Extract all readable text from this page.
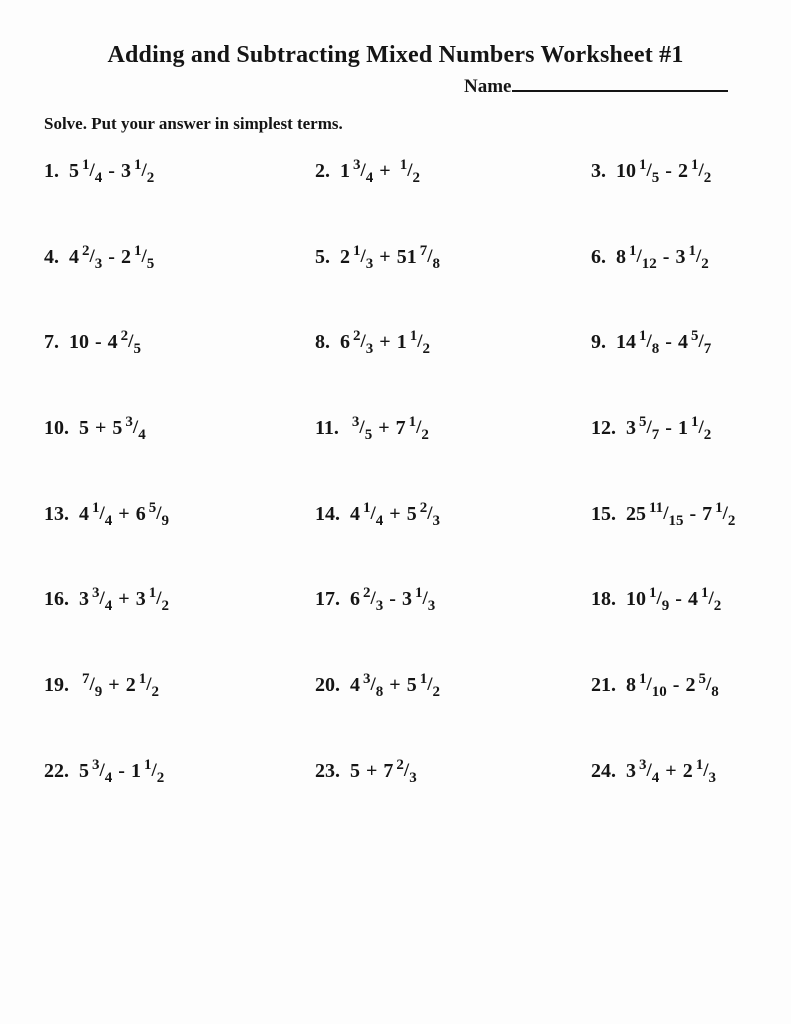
Adding and Subtracting Mixed Numbers Worksheet #1
Name
Solve. Put your answer in simplest terms.
1. 5 $^1/_4 - 3$ $^1/_2$	2. 1 $^3/_4 + ^1/_2$	3. 10 $^1/_5 - 2$ $^1/_2$
4. 4 $^2/_3 - 2$ $^1/_5$	5. 2 $^1/_3 + 51$ $^7/_8$	6. 8 $^1/_{12} - 3$ $^1/_2$
7. 10 - 4 $^2/_5$	8. 6 $^2/_3 + 1$ $^1/_2$	9. 14 $^1/_8 - 4$ $^5/_7$
10. 5 + 5 $^3/_4$	11. $^3/_5 + 7$ $^1/_2$	12. 3 $^5/_7 - 1$ $^1/_2$
13. 4 $^1/_4 + 6$ $^5/_9$	14. 4 $^1/_4 + 5$ $^2/_3$	15. 25 $^{11}/_{15} - 7$ $^1/_2$
16. 3 $^3/_4 + 3$ $^1/_2$	17. 6 $^2/_3 - 3$ $^1/_3$	18. 10 $^1/_9 - 4$ $^1/_2$
19. $^7/_9 + 2$ $^1/_2$	20. 4 $^3/_8 + 5$ $^1/_2$	21. 8 $^1/_{10} - 2$ $^5/_8$
22. 5 $^3/_4 - 1$ $^1/_2$	23. 5 + 7 $^2/_3$	24. 3 $^3/_4 + 2$ $^1/_3$
